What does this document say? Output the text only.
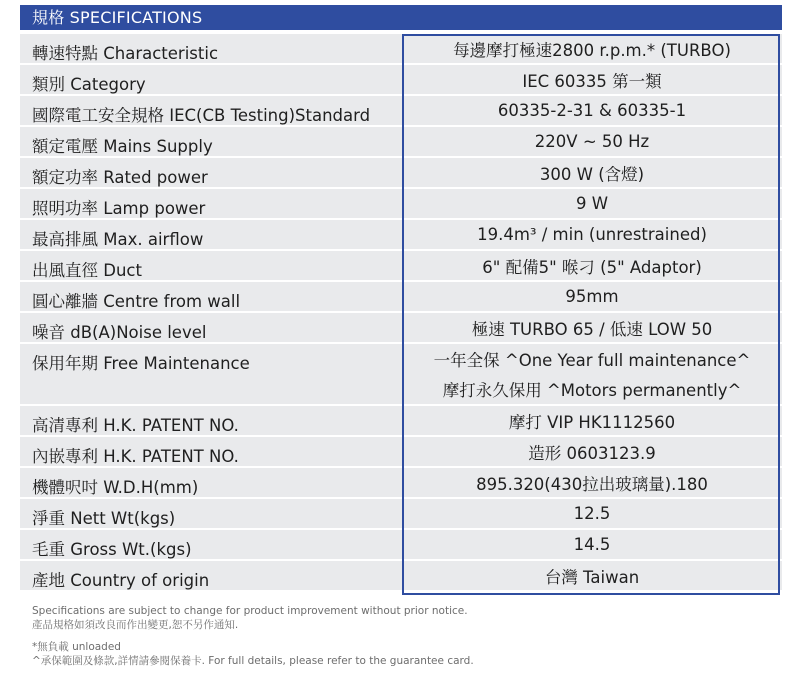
規格 SPECIFICATIONS
轉速特點 Characteristic	每邊摩打極速2800 r.p.m.* (TURBO)
類別 Category	IEC 60335 第一類
國際電工安全規格 IEC(CB Testing)Standard	60335-2-31 & 60335-1
額定電壓 Mains Supply	220V ~ 50 Hz
額定功率 Rated power	300 W (含燈)
照明功率 Lamp power	9 W
最高排風 Max. airflow	19.4m³ / min (unrestrained)
出風直徑 Duct	6" 配備5" 喉刁 (5" Adaptor)
圓心離牆 Centre from wall	95mm
噪音 dB(A)Noise level	極速 TURBO 65 / 低速 LOW 50
保用年期 Free Maintenance	一年全保 ^One Year full maintenance^
摩打永久保用 ^Motors permanently^
高清專利 H.K. PATENT NO.	摩打 VIP HK1112560
內嵌專利 H.K. PATENT NO.	造形 0603123.9
機體呎吋 W.D.H(mm)	895.320(430拉出玻璃量).180
淨重 Nett Wt(kgs)	12.5
毛重 Gross Wt.(kgs)	14.5
產地 Country of origin	台灣 Taiwan
Specifications are subject to change for product improvement without prior notice.
產品規格如須改良而作出變更,恕不另作通知.
*無負載 unloaded
^承保範圍及條款,詳情請參閱保養卡. For full details, please refer to the guarantee card.
